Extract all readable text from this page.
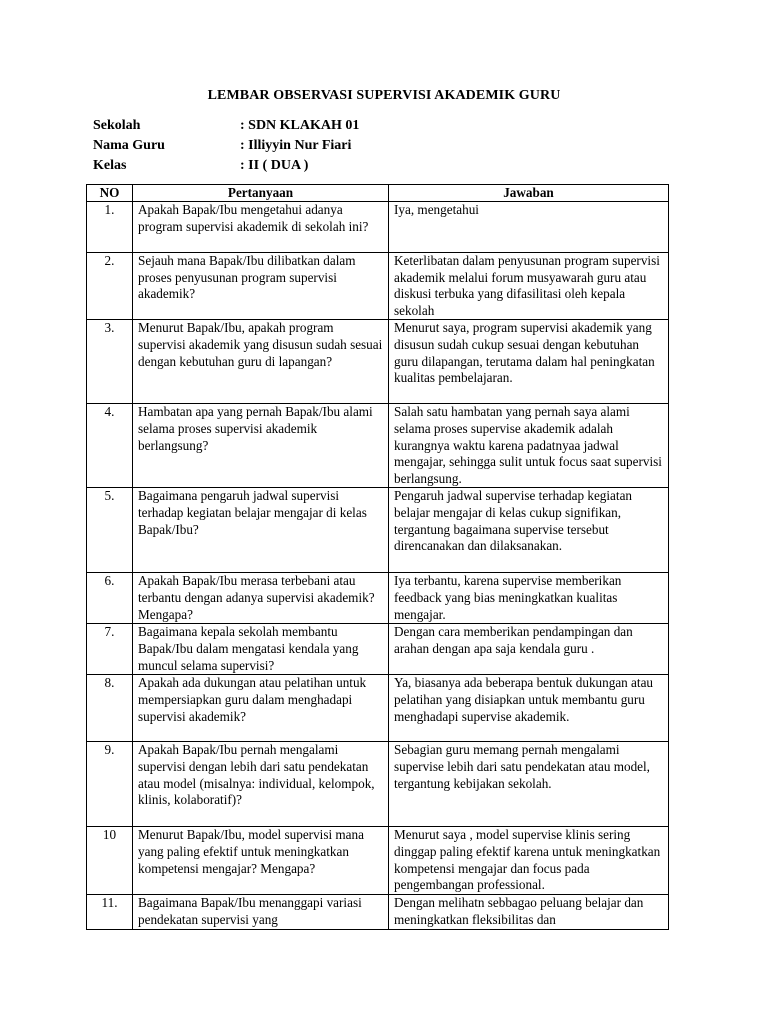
LEMBAR OBSERVASI SUPERVISI AKADEMIK GURU
Sekolah	: SDN KLAKAH 01
Nama Guru	: Illiyyin Nur Fiari
Kelas	: II ( DUA )
NO	Pertanyaan	Jawaban
1.	Apakah Bapak/Ibu mengetahui adanya program supervisi akademik di sekolah ini?	Iya, mengetahui
2.	Sejauh mana Bapak/Ibu dilibatkan dalam proses penyusunan program supervisi akademik?	Keterlibatan dalam penyusunan program supervisi akademik melalui forum musyawarah guru atau diskusi terbuka yang difasilitasi oleh kepala sekolah
3.	Menurut Bapak/Ibu, apakah program supervisi akademik yang disusun sudah sesuai dengan kebutuhan guru di lapangan?	Menurut saya, program supervisi akademik yang disusun sudah cukup sesuai dengan kebutuhan guru dilapangan, terutama dalam hal peningkatan kualitas pembelajaran.
4.	Hambatan apa yang pernah Bapak/Ibu alami selama proses supervisi akademik berlangsung?	Salah satu hambatan yang pernah saya alami selama proses supervise akademik adalah kurangnya waktu karena padatnyaa jadwal mengajar, sehingga sulit untuk focus saat supervisi berlangsung.
5.	Bagaimana pengaruh jadwal supervisi terhadap kegiatan belajar mengajar di kelas Bapak/Ibu?	Pengaruh jadwal supervise terhadap kegiatan belajar mengajar di kelas cukup signifikan, tergantung bagaimana supervise tersebut direncanakan dan dilaksanakan.
6.	Apakah Bapak/Ibu merasa terbebani atau terbantu dengan adanya supervisi akademik? Mengapa?	Iya terbantu, karena supervise memberikan feedback yang bias meningkatkan kualitas mengajar.
7.	Bagaimana kepala sekolah membantu Bapak/Ibu dalam mengatasi kendala yang muncul selama supervisi?	Dengan cara memberikan pendampingan dan arahan dengan apa saja kendala guru .
8.	Apakah ada dukungan atau pelatihan untuk mempersiapkan guru dalam menghadapi supervisi akademik?	Ya, biasanya ada beberapa bentuk dukungan atau pelatihan yang disiapkan untuk membantu guru menghadapi supervise akademik.
9.	Apakah Bapak/Ibu pernah mengalami supervisi dengan lebih dari satu pendekatan atau model (misalnya: individual, kelompok, klinis, kolaboratif)?	Sebagian guru memang pernah mengalami supervise lebih dari satu pendekatan atau model, tergantung kebijakan sekolah.
10	Menurut Bapak/Ibu, model supervisi mana yang paling efektif untuk meningkatkan kompetensi mengajar? Mengapa?	Menurut saya , model supervise klinis sering dinggap paling efektif karena untuk meningkatkan kompetensi mengajar dan focus pada pengembangan professional.
11.	Bagaimana Bapak/Ibu menanggapi variasi pendekatan supervisi yang	Dengan melihatn sebbagao peluang belajar dan meningkatkan fleksibilitas dan
